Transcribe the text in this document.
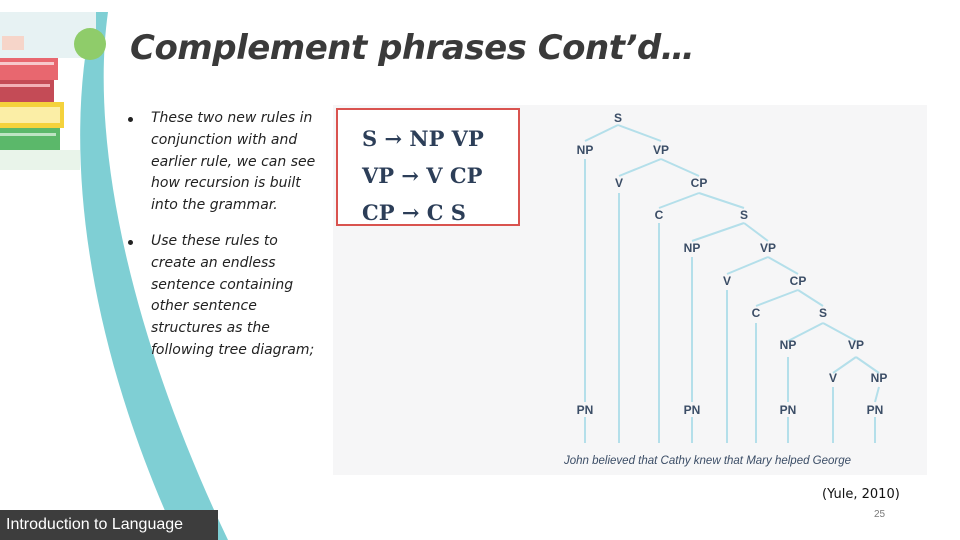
Complement phrases Cont’d…
These two new rules in conjunction with and earlier rule, we can see how recursion is built into the grammar.
Use these rules to create an endless sentence containing other sentence structures as the following tree diagram;
S → NP VP
VP → V CP
CP → C S
S
NP	VP
V	CP
C	S
NP	VP
V	CP
C	S
NP	VP
V	NP
PN	PN	PN	PN
John believed that Cathy knew that Mary helped George
(Yule, 2010)
25
Introduction to Language
